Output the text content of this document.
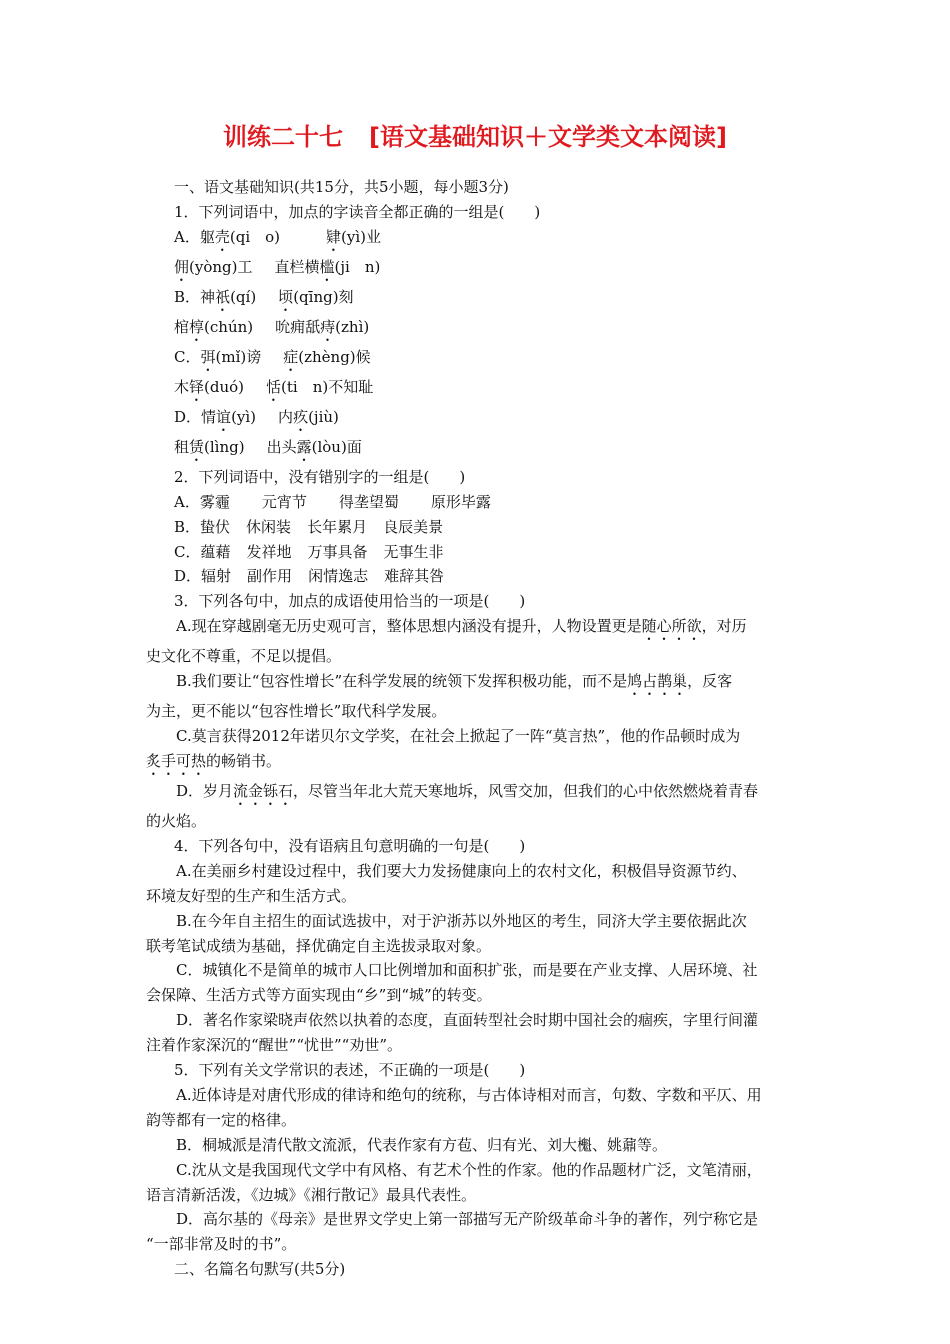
训练二十七 [语文基础知识＋文学类文本阅读]
一、语文基础知识(共15分，共5小题，每小题3分)
1．下列词语中，加点的字读音全都正确的一组是(　　)
A．躯壳(qi　o)	肄(yì)业
佣(yòng)工 直栏横槛(ji　n)
B．神祇(qí) 顷(qīng)刻
棺椁(chún) 吮痈舐痔(zhì)
C．弭(mǐ)谤 症(zhèng)候
木铎(duó) 恬(ti　n)不知耻
D．情谊(yì) 内疚(jiù)
租赁(lìng) 出头露(lòu)面
2．下列词语中，没有错别字的一组是(　　)
A．雾霾 元宵节 得垄望蜀 原形毕露
B．蛰伏 休闲装 长年累月 良辰美景
C．蕴藉 发祥地 万事具备 无事生非
D．辐射 副作用 闲情逸志 难辞其咎
3．下列各句中，加点的成语使用恰当的一项是(　　)
A.现在穿越剧毫无历史观可言，整体思想内涵没有提升，人物设置更是随心所欲，对历
史文化不尊重，不足以提倡。
B.我们要让“包容性增长”在科学发展的统领下发挥积极功能，而不是鸠占鹊巢，反客
为主，更不能以“包容性增长”取代科学发展。
C.莫言获得2012年诺贝尔文学奖，在社会上掀起了一阵“莫言热”，他的作品顿时成为
炙手可热的畅销书。
D．岁月流金铄石，尽管当年北大荒天寒地坼，风雪交加，但我们的心中依然燃烧着青春
的火焰。
4．下列各句中，没有语病且句意明确的一句是(　　)
A.在美丽乡村建设过程中，我们要大力发扬健康向上的农村文化，积极倡导资源节约、
环境友好型的生产和生活方式。
B.在今年自主招生的面试选拔中，对于沪浙苏以外地区的考生，同济大学主要依据此次
联考笔试成绩为基础，择优确定自主选拔录取对象。
C．城镇化不是简单的城市人口比例增加和面积扩张，而是要在产业支撑、人居环境、社
会保障、生活方式等方面实现由“乡”到“城”的转变。
D．著名作家梁晓声依然以执着的态度，直面转型社会时期中国社会的痼疾，字里行间灌
注着作家深沉的“醒世”“忧世”“劝世”。
5．下列有关文学常识的表述，不正确的一项是(　　)
A.近体诗是对唐代形成的律诗和绝句的统称，与古体诗相对而言，句数、字数和平仄、用
韵等都有一定的格律。
B．桐城派是清代散文流派，代表作家有方苞、归有光、刘大櫆、姚鼐等。
C.沈从文是我国现代文学中有风格、有艺术个性的作家。他的作品题材广泛，文笔清丽，
语言清新活泼，《边城》《湘行散记》最具代表性。
D．高尔基的《母亲》是世界文学史上第一部描写无产阶级革命斗争的著作，列宁称它是
“一部非常及时的书”。
二、名篇名句默写(共5分)
